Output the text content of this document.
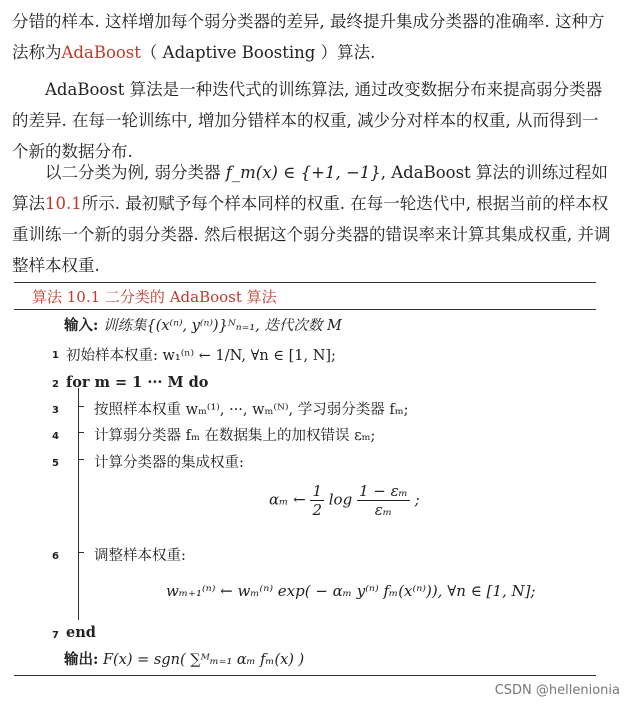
分错的样本. 这样增加每个弱分类器的差异, 最终提升集成分类器的准确率. 这种方法称为AdaBoost（ Adaptive Boosting ）算法.

AdaBoost 算法是一种迭代式的训练算法, 通过改变数据分布来提高弱分类器的差异. 在每一轮训练中, 增加分错样本的权重, 减少分对样本的权重, 从而得到一个新的数据分布.

以二分类为例, 弱分类器 f_m(x) ∈ {+1, −1}, AdaBoost 算法的训练过程如算法10.1所示. 最初赋予每个样本同样的权重. 在每一轮迭代中, 根据当前的样本权重训练一个新的弱分类器. 然后根据这个弱分类器的错误率来计算其集成权重, 并调整样本权重.

算法 10.1 二分类的 AdaBoost 算法
输入: 训练集{(x⁽ⁿ⁾, y⁽ⁿ⁾)}ᴺₙ₌₁, 迭代次数 M
1 初始样本权重: w₁⁽ⁿ⁾ ← 1/N, ∀n ∈ [1, N];
2 for m = 1 ··· M do
3 按照样本权重 wₘ⁽¹⁾, ···, wₘ⁽ᴺ⁾, 学习弱分类器 fₘ;
4 计算弱分类器 fₘ 在数据集上的加权错误 εₘ;
5 计算分类器的集成权重:
αₘ ← $\frac{1}{2}$ $\log \frac{\text{1 − εₘ}}{\text{εₘ}}$ ;
6 调整样本权重:
wₘ₊₁⁽ⁿ⁾ ← wₘ⁽ⁿ⁾ exp( − αₘ y⁽ⁿ⁾ fₘ(x⁽ⁿ⁾)), ∀n ∈ [1, N];
7 end
输出: F(x) = sgn( ∑ᴹₘ₌₁ αₘ fₘ(x) )
CSDN @hellenionia
